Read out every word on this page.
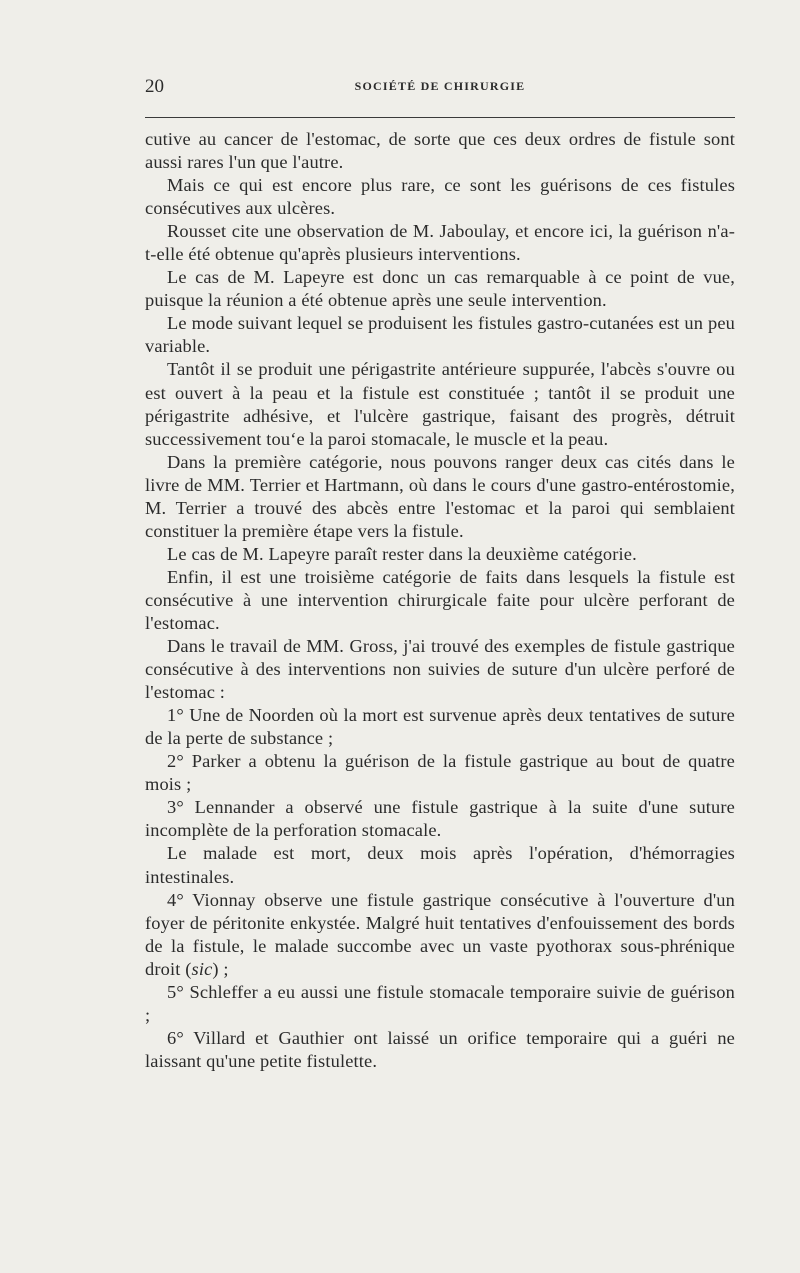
20	SOCIÉTÉ DE CHIRURGIE

cutive au cancer de l'estomac, de sorte que ces deux ordres de fistule sont aussi rares l'un que l'autre.

Mais ce qui est encore plus rare, ce sont les guérisons de ces fistules consécutives aux ulcères.

Rousset cite une observation de M. Jaboulay, et encore ici, la guérison n'a-t-elle été obtenue qu'après plusieurs interventions.

Le cas de M. Lapeyre est donc un cas remarquable à ce point de vue, puisque la réunion a été obtenue après une seule intervention.

Le mode suivant lequel se produisent les fistules gastro-cutanées est un peu variable.

Tantôt il se produit une périgastrite antérieure suppurée, l'abcès s'ouvre ou est ouvert à la peau et la fistule est constituée ; tantôt il se produit une périgastrite adhésive, et l'ulcère gastrique, faisant des progrès, détruit successivement tou‘e la paroi stomacale, le muscle et la peau.

Dans la première catégorie, nous pouvons ranger deux cas cités dans le livre de MM. Terrier et Hartmann, où dans le cours d'une gastro-entérostomie, M. Terrier a trouvé des abcès entre l'estomac et la paroi qui semblaient constituer la première étape vers la fistule.

Le cas de M. Lapeyre paraît rester dans la deuxième catégorie.

Enfin, il est une troisième catégorie de faits dans lesquels la fistule est consécutive à une intervention chirurgicale faite pour ulcère perforant de l'estomac.

Dans le travail de MM. Gross, j'ai trouvé des exemples de fistule gastrique consécutive à des interventions non suivies de suture d'un ulcère perforé de l'estomac :

1° Une de Noorden où la mort est survenue après deux tentatives de suture de la perte de substance ;

2° Parker a obtenu la guérison de la fistule gastrique au bout de quatre mois ;

3° Lennander a observé une fistule gastrique à la suite d'une suture incomplète de la perforation stomacale.

Le malade est mort, deux mois après l'opération, d'hémorragies intestinales.

4° Vionnay observe une fistule gastrique consécutive à l'ouverture d'un foyer de péritonite enkystée. Malgré huit tentatives d'enfouissement des bords de la fistule, le malade succombe avec un vaste pyothorax sous-phrénique droit (sic) ;

5° Schleffer a eu aussi une fistule stomacale temporaire suivie de guérison ;

6° Villard et Gauthier ont laissé un orifice temporaire qui a guéri ne laissant qu'une petite fistulette.
